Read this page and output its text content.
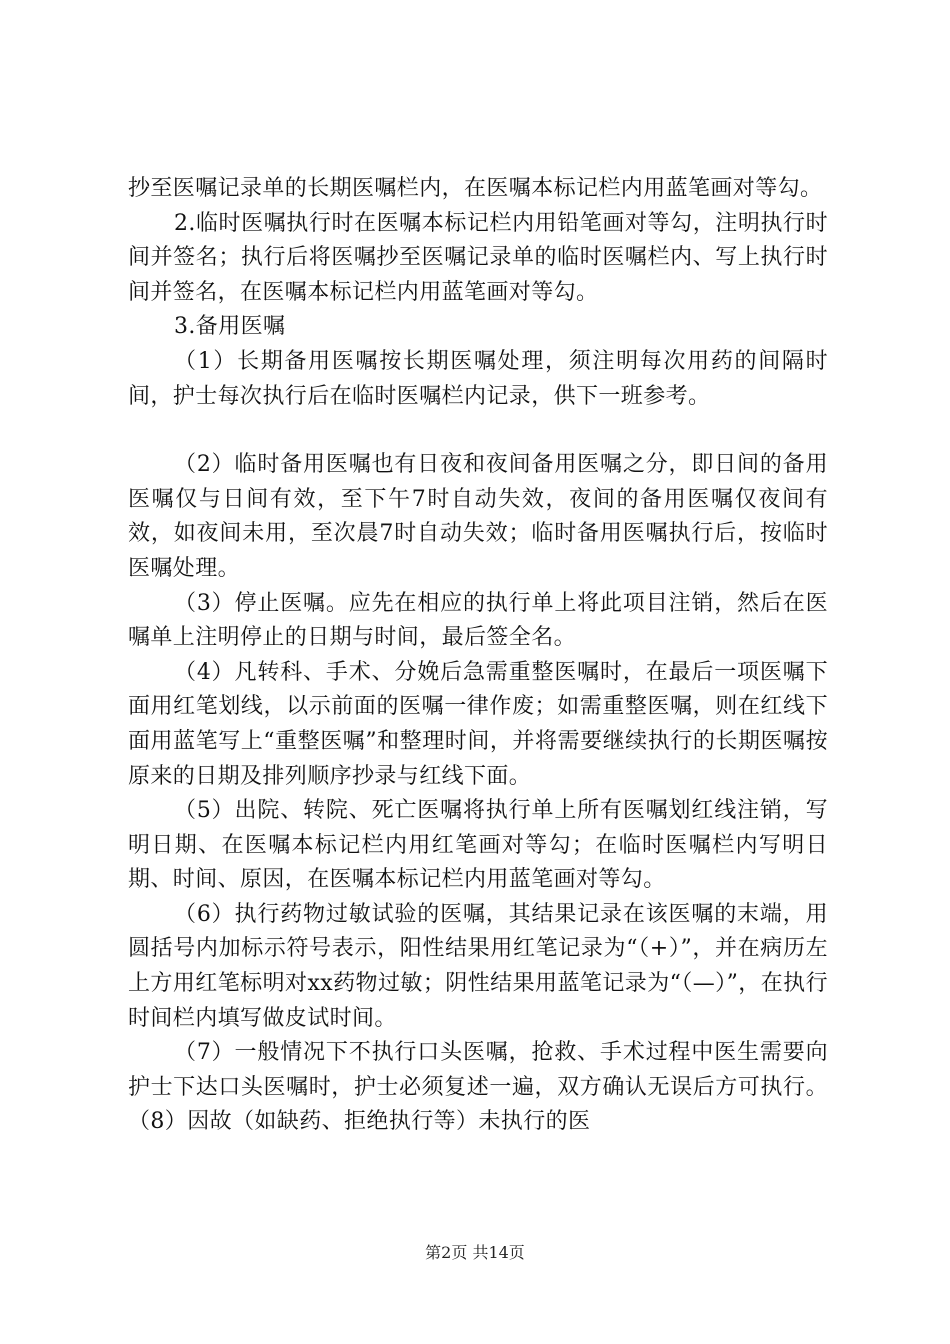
抄至医嘱记录单的长期医嘱栏内，在医嘱本标记栏内用蓝笔画对等勾。

2.临时医嘱执行时在医嘱本标记栏内用铅笔画对等勾，注明执行时间并签名；执行后将医嘱抄至医嘱记录单的临时医嘱栏内、写上执行时间并签名，在医嘱本标记栏内用蓝笔画对等勾。

3.备用医嘱

（1）长期备用医嘱按长期医嘱处理，须注明每次用药的间隔时间，护士每次执行后在临时医嘱栏内记录，供下一班参考。

（2）临时备用医嘱也有日夜和夜间备用医嘱之分，即日间的备用医嘱仅与日间有效，至下午7时自动失效，夜间的备用医嘱仅夜间有效，如夜间未用，至次晨7时自动失效；临时备用医嘱执行后，按临时医嘱处理。

（3）停止医嘱。应先在相应的执行单上将此项目注销，然后在医嘱单上注明停止的日期与时间，最后签全名。

（4）凡转科、手术、分娩后急需重整医嘱时，在最后一项医嘱下面用红笔划线，以示前面的医嘱一律作废；如需重整医嘱，则在红线下面用蓝笔写上“重整医嘱”和整理时间，并将需要继续执行的长期医嘱按原来的日期及排列顺序抄录与红线下面。

（5）出院、转院、死亡医嘱将执行单上所有医嘱划红线注销，写明日期、在医嘱本标记栏内用红笔画对等勾；在临时医嘱栏内写明日期、时间、原因，在医嘱本标记栏内用蓝笔画对等勾。

（6）执行药物过敏试验的医嘱，其结果记录在该医嘱的末端，用圆括号内加标示符号表示，阳性结果用红笔记录为“（+）”，并在病历左上方用红笔标明对xx药物过敏；阴性结果用蓝笔记录为“（—）”，在执行时间栏内填写做皮试时间。

（7）一般情况下不执行口头医嘱，抢救、手术过程中医生需要向护士下达口头医嘱时，护士必须复述一遍，双方确认无误后方可执行。（8）因故（如缺药、拒绝执行等）未执行的医

第2页 共14页
